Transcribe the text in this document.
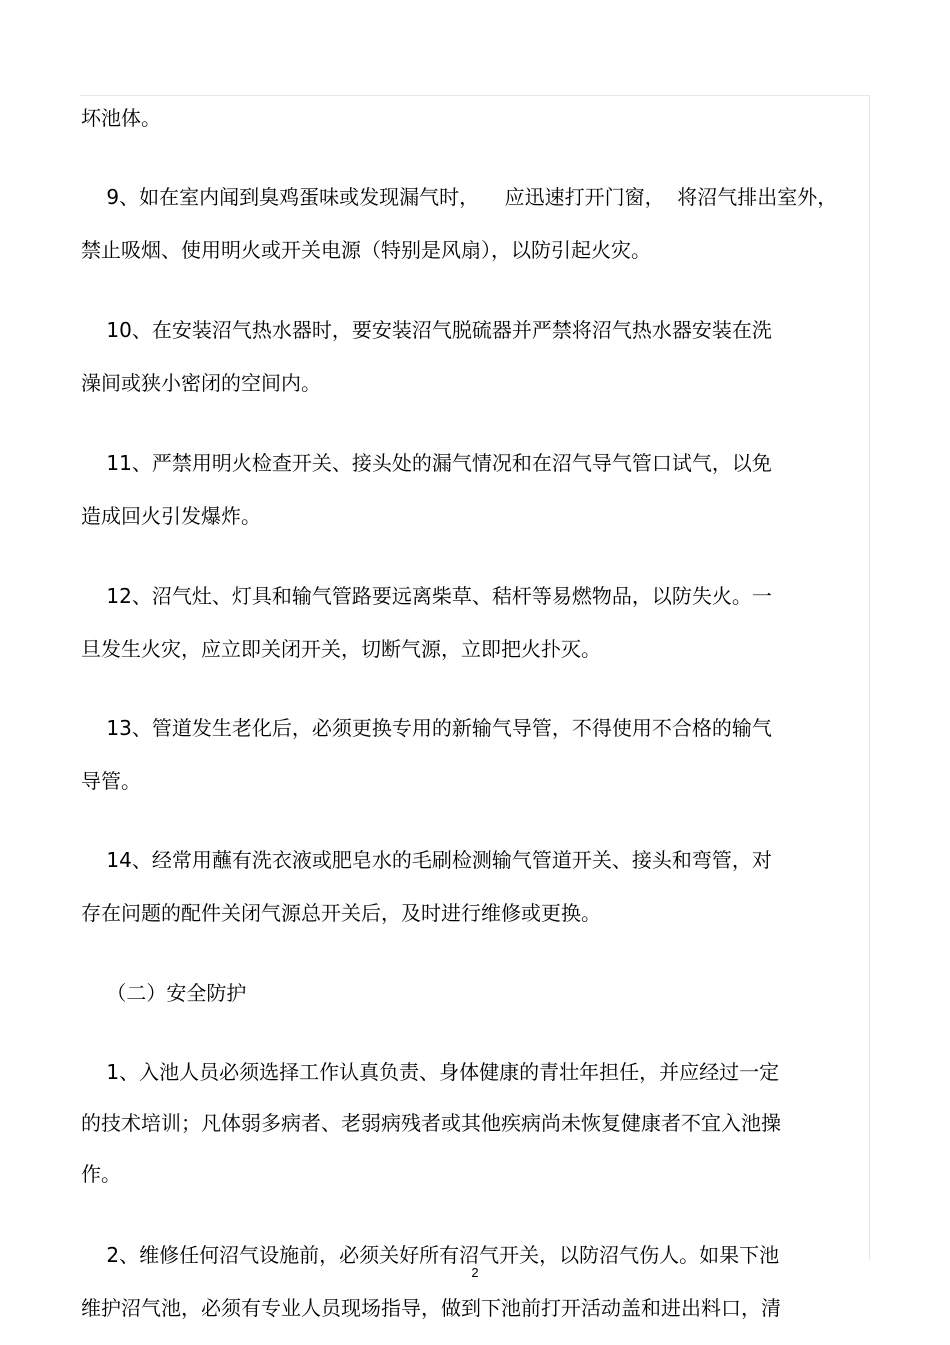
坏池体。
9、如在室内闻到臭鸡蛋味或发现漏气时，    应迅速打开门窗，  将沼气排出室外，
禁止吸烟、使用明火或开关电源（特别是风扇），以防引起火灾。
10、在安装沼气热水器时，要安装沼气脱硫器并严禁将沼气热水器安装在洗
澡间或狭小密闭的空间内。
11、严禁用明火检查开关、接头处的漏气情况和在沼气导气管口试气，以免
造成回火引发爆炸。
12、沼气灶、灯具和输气管路要远离柴草、秸杆等易燃物品，以防失火。一
旦发生火灾，应立即关闭开关，切断气源，立即把火扑灭。
13、管道发生老化后，必须更换专用的新输气导管，不得使用不合格的输气
导管。
14、经常用蘸有洗衣液或肥皂水的毛刷检测输气管道开关、接头和弯管，对
存在问题的配件关闭气源总开关后，及时进行维修或更换。
（二）安全防护
1、入池人员必须选择工作认真负责、身体健康的青壮年担任，并应经过一定
的技术培训；凡体弱多病者、老弱病残者或其他疾病尚未恢复健康者不宜入池操
作。
2、维修任何沼气设施前，必须关好所有沼气开关，以防沼气伤人。如果下池
维护沼气池，必须有专业人员现场指导，做到下池前打开活动盖和进出料口，清
2
